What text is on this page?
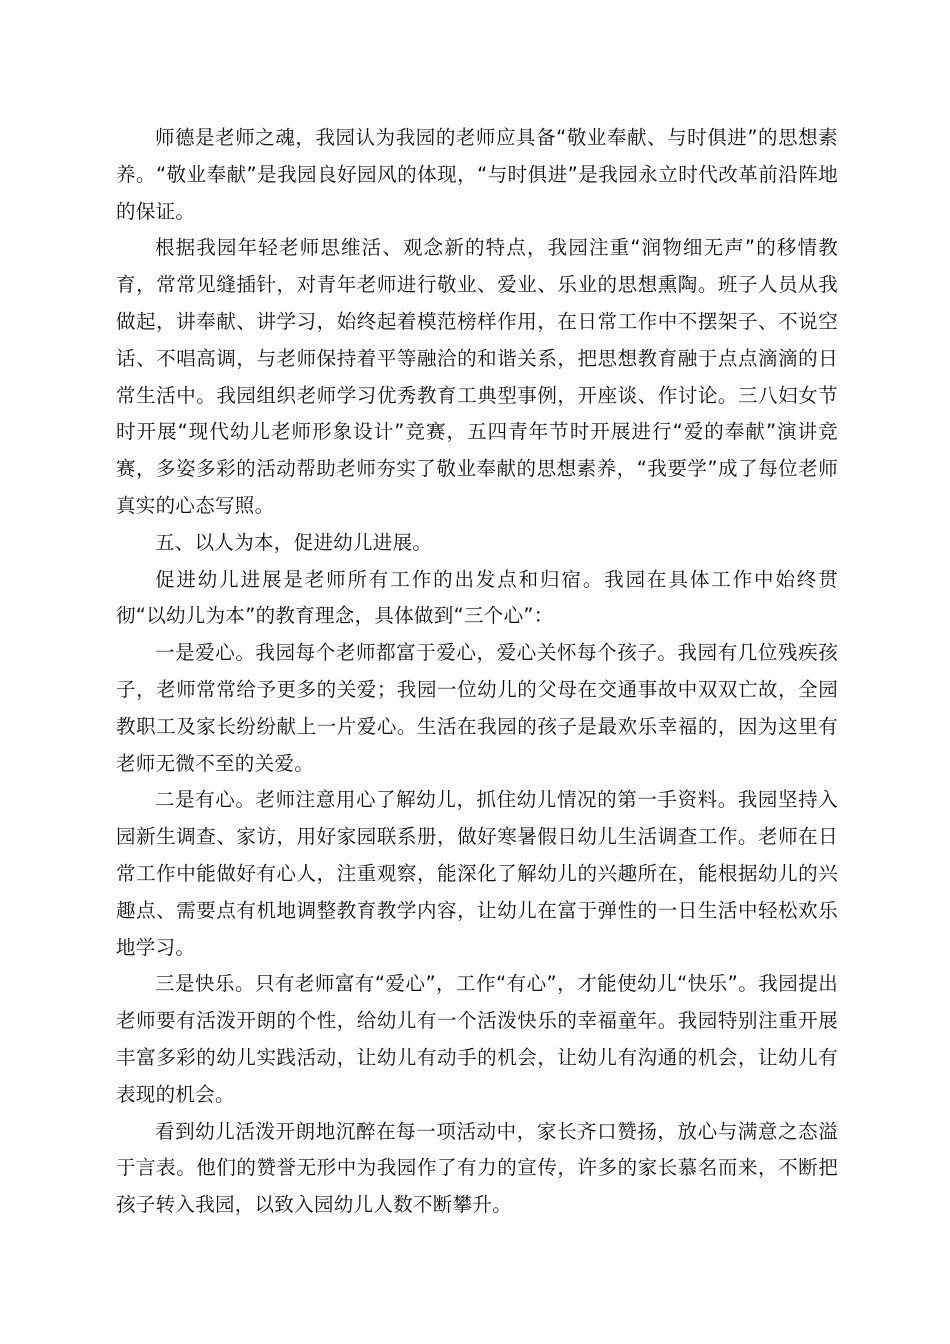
师德是老师之魂，我园认为我园的老师应具备“敬业奉献、与时俱进”的思想素养。“敬业奉献”是我园良好园风的体现，“与时俱进”是我园永立时代改革前沿阵地的保证。

根据我园年轻老师思维活、观念新的特点，我园注重“润物细无声”的移情教育，常常见缝插针，对青年老师进行敬业、爱业、乐业的思想熏陶。班子人员从我做起，讲奉献、讲学习，始终起着模范榜样作用，在日常工作中不摆架子、不说空话、不唱高调，与老师保持着平等融洽的和谐关系，把思想教育融于点点滴滴的日常生活中。我园组织老师学习优秀教育工典型事例，开座谈、作讨论。三八妇女节时开展“现代幼儿老师形象设计”竞赛，五四青年节时开展进行“爱的奉献”演讲竞赛，多姿多彩的活动帮助老师夯实了敬业奉献的思想素养，“我要学”成了每位老师真实的心态写照。

五、以人为本，促进幼儿进展。

促进幼儿进展是老师所有工作的出发点和归宿。我园在具体工作中始终贯彻“以幼儿为本”的教育理念，具体做到“三个心”：

一是爱心。我园每个老师都富于爱心，爱心关怀每个孩子。我园有几位残疾孩子，老师常常给予更多的关爱；我园一位幼儿的父母在交通事故中双双亡故，全园教职工及家长纷纷献上一片爱心。生活在我园的孩子是最欢乐幸福的，因为这里有老师无微不至的关爱。

二是有心。老师注意用心了解幼儿，抓住幼儿情况的第一手资料。我园坚持入园新生调查、家访，用好家园联系册，做好寒暑假日幼儿生活调查工作。老师在日常工作中能做好有心人，注重观察，能深化了解幼儿的兴趣所在，能根据幼儿的兴趣点、需要点有机地调整教育教学内容，让幼儿在富于弹性的一日生活中轻松欢乐地学习。

三是快乐。只有老师富有“爱心”，工作“有心”，才能使幼儿“快乐”。我园提出老师要有活泼开朗的个性，给幼儿有一个活泼快乐的幸福童年。我园特别注重开展丰富多彩的幼儿实践活动，让幼儿有动手的机会，让幼儿有沟通的机会，让幼儿有表现的机会。

看到幼儿活泼开朗地沉醉在每一项活动中，家长齐口赞扬，放心与满意之态溢于言表。他们的赞誉无形中为我园作了有力的宣传，许多的家长慕名而来，不断把孩子转入我园，以致入园幼儿人数不断攀升。
